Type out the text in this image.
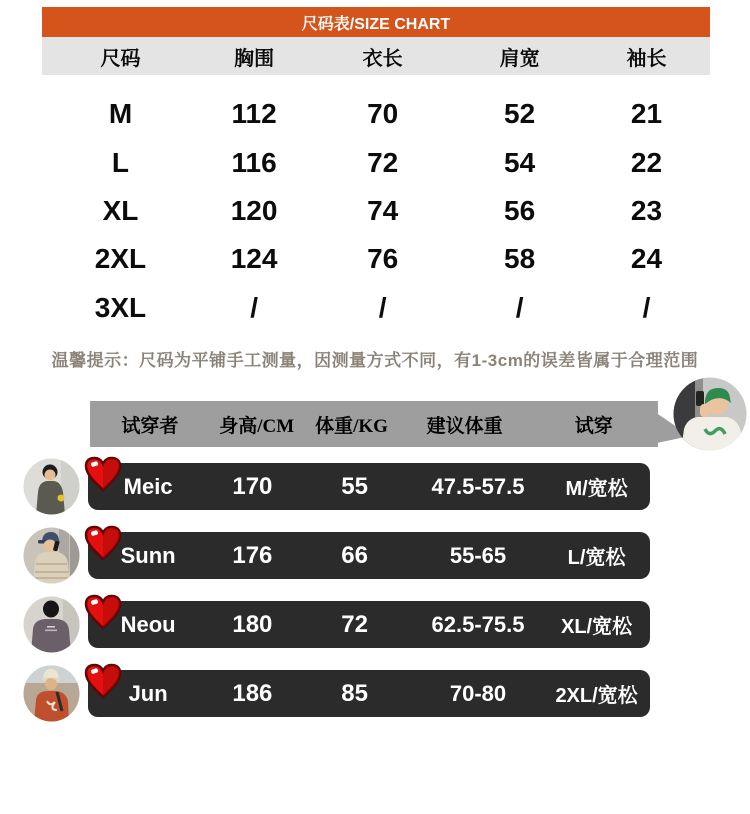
尺码表/SIZE CHART
尺码	胸围	衣长	肩宽	袖长
M	112	70	52	21
L	116	72	54	22
XL	120	74	56	23
2XL	124	76	58	24
3XL	/	/	/	/
温馨提示：尺码为平铺手工测量，因测量方式不同，有1-3cm的误差皆属于合理范围
试穿者	身高/CM	体重/KG	建议体重	试穿
Meic	170	55	47.5-57.5	M/宽松
Sunn	176	66	55-65	L/宽松
Neou	180	72	62.5-75.5	XL/宽松
Jun	186	85	70-80	2XL/宽松
